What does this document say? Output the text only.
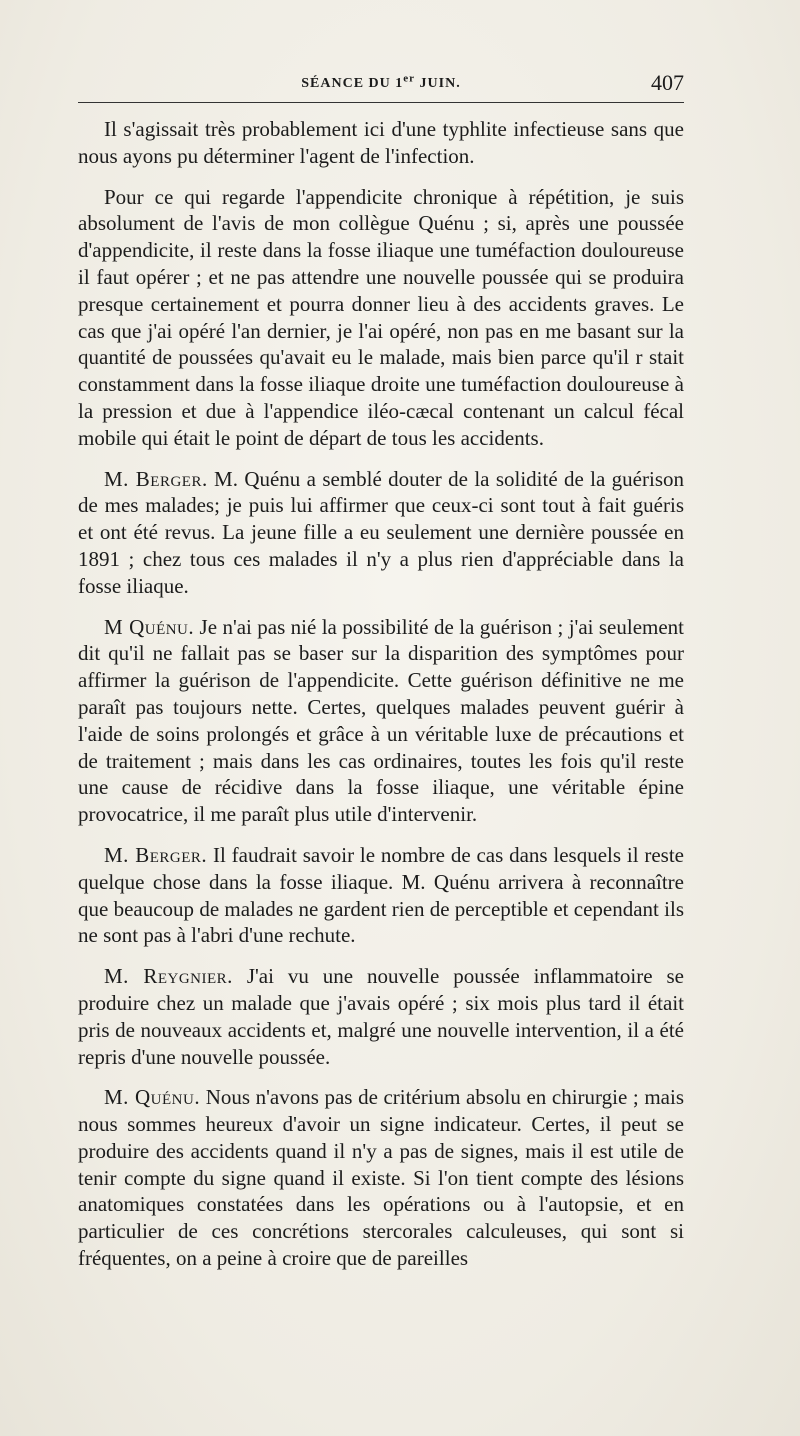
SÉANCE DU 1er JUIN.	407

Il s'agissait très probablement ici d'une typhlite infectieuse sans que nous ayons pu déterminer l'agent de l'infection.

Pour ce qui regarde l'appendicite chronique à répétition, je suis absolument de l'avis de mon collègue Quénu ; si, après une poussée d'appendicite, il reste dans la fosse iliaque une tuméfaction douloureuse il faut opérer ; et ne pas attendre une nouvelle poussée qui se produira presque certainement et pourra donner lieu à des accidents graves. Le cas que j'ai opéré l'an dernier, je l'ai opéré, non pas en me basant sur la quantité de poussées qu'avait eu le malade, mais bien parce qu'il r stait constamment dans la fosse iliaque droite une tuméfaction douloureuse à la pression et due à l'appendice iléo-cæcal contenant un calcul fécal mobile qui était le point de départ de tous les accidents.

M. Berger. M. Quénu a semblé douter de la solidité de la guérison de mes malades; je puis lui affirmer que ceux-ci sont tout à fait guéris et ont été revus. La jeune fille a eu seulement une dernière poussée en 1891 ; chez tous ces malades il n'y a plus rien d'appréciable dans la fosse iliaque.

M Quénu. Je n'ai pas nié la possibilité de la guérison ; j'ai seulement dit qu'il ne fallait pas se baser sur la disparition des symptômes pour affirmer la guérison de l'appendicite. Cette guérison définitive ne me paraît pas toujours nette. Certes, quelques malades peuvent guérir à l'aide de soins prolongés et grâce à un véritable luxe de précautions et de traitement ; mais dans les cas ordinaires, toutes les fois qu'il reste une cause de récidive dans la fosse iliaque, une véritable épine provocatrice, il me paraît plus utile d'intervenir.

M. Berger. Il faudrait savoir le nombre de cas dans lesquels il reste quelque chose dans la fosse iliaque. M. Quénu arrivera à reconnaître que beaucoup de malades ne gardent rien de perceptible et cependant ils ne sont pas à l'abri d'une rechute.

M. Reygnier. J'ai vu une nouvelle poussée inflammatoire se produire chez un malade que j'avais opéré ; six mois plus tard il était pris de nouveaux accidents et, malgré une nouvelle intervention, il a été repris d'une nouvelle poussée.

M. Quénu. Nous n'avons pas de critérium absolu en chirurgie ; mais nous sommes heureux d'avoir un signe indicateur. Certes, il peut se produire des accidents quand il n'y a pas de signes, mais il est utile de tenir compte du signe quand il existe. Si l'on tient compte des lésions anatomiques constatées dans les opérations ou à l'autopsie, et en particulier de ces concrétions stercorales calculeuses, qui sont si fréquentes, on a peine à croire que de pareilles
